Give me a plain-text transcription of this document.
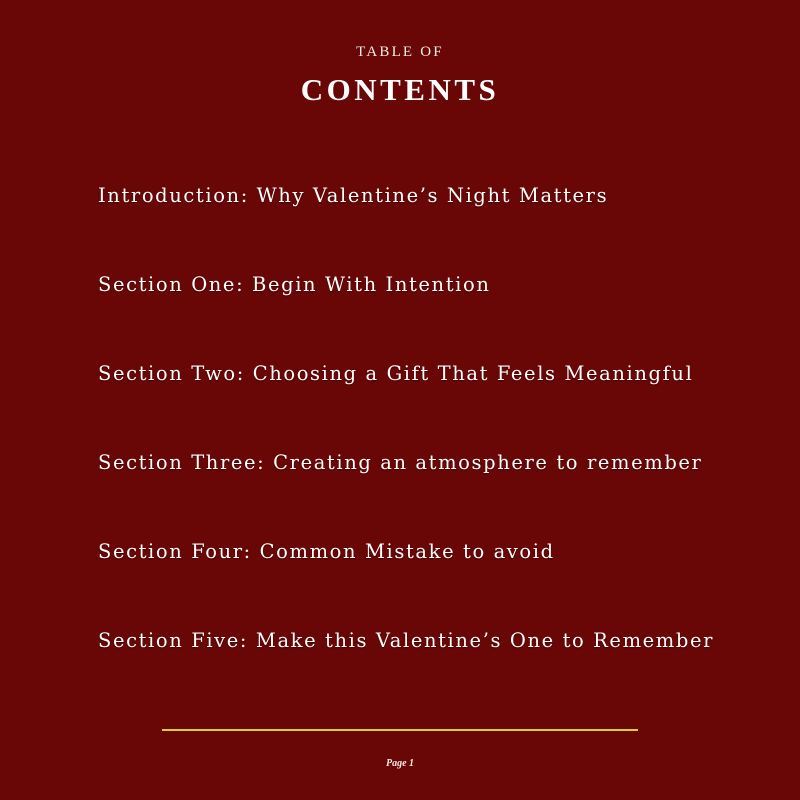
TABLE OF
CONTENTS
Introduction: Why Valentine’s Night Matters
Section One: Begin With Intention
Section Two: Choosing a Gift That Feels Meaningful
Section Three: Creating an atmosphere to remember
Section Four: Common Mistake to avoid
Section Five: Make this Valentine’s One to Remember
Page 1
